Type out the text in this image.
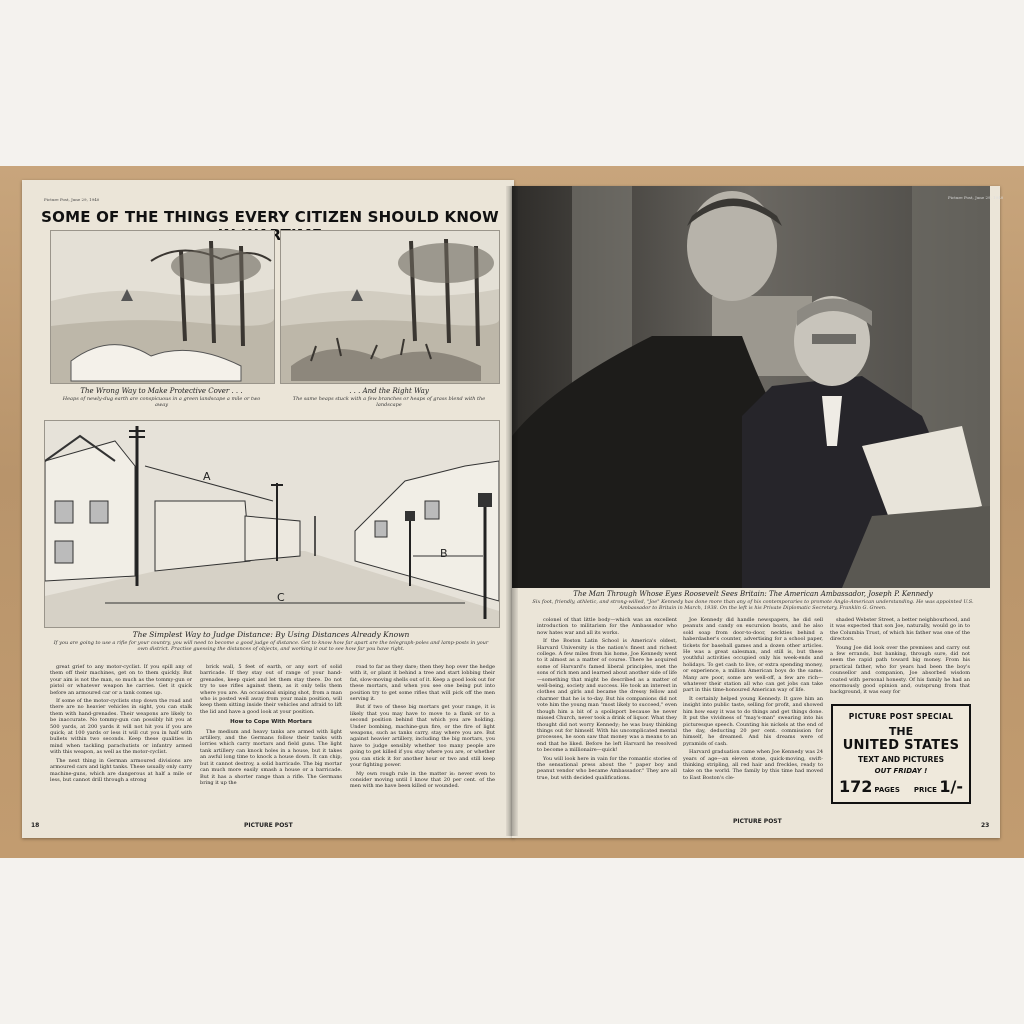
Picture Post, June 29, 1940
SOME OF THE THINGS EVERY CITIZEN SHOULD KNOW
The Wrong Way to Make Protective Cover . . .
Heaps of newly-dug earth are conspicuous in a green landscape a mile or two away
. . . And the Right Way
The same heaps stuck with a few branches or heaps of grass blend with the landscape
A
B
C
The Simplest Way to Judge Distance: By Using Distances Already Known
If you are going to use a rifle for your country, you will need to become a good judge of distance. Get to know how far apart are the telegraph-poles and lamp-posts in your own district. Practise guessing the distances of objects, and working it out to see how far you have right.

great grief to any motor-cyclist. If you spill any of them off their machines, get on to them quickly. But your aim is not the man, so much as the tommy-gun or pistol or whatever weapon he carries. Get it quick before an armoured car or a tank comes up.

If some of the motor-cyclists stop down the road and there are no heavier vehicles in sight, you can stalk them with hand-grenades. Their weapons are likely to be inaccurate. No tommy-gun can possibly hit you at 500 yards, at 200 yards it will not hit you if you are quick; at 100 yards or less it will cut you in half with bullets within two seconds. Keep these qualities in mind when tackling parachutists or infantry armed with this weapon, as well as the motor-cyclist.

The next thing in German armoured divisions are armoured cars and light tanks. These usually only carry machine-guns, which are dangerous at half a mile or less, but cannot drill through a strong

brick wall, 5 feet of earth, or any sort of solid barricade. If they stay out of range of your hand-grenades, keep quiet and let them stay there. Do not try to use rifles against them, as it only tells them where you are. An occasional sniping shot, from a man who is posted well away from your main position, will keep them sitting inside their vehicles and afraid to lift the lid and have a good look at your position.

How to Cope With Mortars

The medium and heavy tanks are armed with light artillery, and the Germans follow their tanks with lorries which carry mortars and field guns. The light tank artillery can knock holes in a house, but it takes an awful long time to knock a house down. It can chip, but it cannot destroy, a solid barricade. The big mortar can much more easily smash a house or a barricade. But it has a shorter range than a rifle. The Germans bring it up the

road to far as they dare; then they hop over the hedge with it, or plant it behind a tree and start lobbing their fat, slow-moving shells out of it. Keep a good look out for these mortars, and when you see one being put into position try to get some rifles that will pick off the men serving it.

But if two of these big mortars get your range, it is likely that you may have to move to a flank or to a second position behind that which you are holding. Under bombing, machine-gun fire, or the fire of light weapons, such as tanks carry, stay where you are. But against heavier artillery, including the big mortars, you have to judge sensibly whether too many people are going to get killed if you stay where you are, or whether you can stick it for another hour or two and still keep your fighting power.

My own rough rule in the matter is: never even to consider moving until I know that 20 per cent. of the men with me have been killed or wounded.

18	PICTURE POST
Picture Post, June 29, 1940
The Man Through Whose Eyes Roosevelt Sees Britain: The American Ambassador, Joseph P. Kennedy
Six foot, friendly, athletic, and strong-willed, "Joe" Kennedy has done more than any of his contemporaries to promote Anglo-American understanding. He was appointed U.S. Ambassador to Britain in March, 1938. On the left is his Private Diplomatic Secretary, Franklin G. Green.

colonel of that little body—which was an excellent introduction to militarism for the Ambassador who now hates war and all its works.

If the Boston Latin School is America's oldest, Harvard University is the nation's finest and richest college. A few miles from his home, Joe Kennedy went to it almost as a matter of course. There he acquired some of Harvard's famed liberal principles, met the sons of rich men and learned about another side of life—something that might be described as a matter of well-being, society and success. He took an interest in clothes and girls and became the dressy fellow and charmer that he is to-day. But his companions did not vote him the young man "most likely to succeed," even though him a bit of a spoilsport because he never missed Church, never took a drink of liquor. What they thought did not worry Kennedy; he was busy thinking things out for himself. With his uncomplicated mental processes, he soon saw that money was a means to an end that he liked. Before he left Harvard he resolved to become a millionaire—quick!

You will look here in vain for the romantic stories of the sensational press about the " paper boy and peanut vendor who became Ambassador." They are all true, but with decided qualifications.

Joe Kennedy did handle newspapers, he did sell peanuts and candy on excursion boats, and he also sold soap from door-to-door, neckties behind a haberdasher's counter, advertising for a school paper, tickets for baseball games and a dozen other articles. He was a great salesman, and still is, but these youthful activities occupied only his week-ends and holidays. To get cash to live, or extra spending money, or experience, a million American boys do the same. Many are poor, some are well-off, a few are rich—whatever their station all who can get jobs can take part in this time-honoured American way of life.

It certainly helped young Kennedy. It gave him an insight into public taste, selling for profit, and showed him how easy it was to do things and get things done. It put the vividness of "may's-man" swearing into his picturesque speech. Counting his nickels at the end of the day, deducting 20 per cent. commission for himself, he dreamed. And his dreams were of pyramids of cash.

Harvard graduation came when Joe Kennedy was 24 years of age—an eleven stone, quick-moving, swift-thinking stripling, all red hair and freckles, ready to take on the world. The family by this time had moved to East Boston's cle-

shaded Webster Street, a better neighbourhood, and it was expected that son Joe, naturally, would go in to the Columbia Trust, of which his father was one of the directors.

Young Joe did look over the premises and carry out a few errands, but banking, through sure, did not seem the rapid path toward big money. From his practical father, who for years had been the boy's counsellor and companion, Joe absorbed wisdom coated with personal honesty. Of his family he had an enormously good opinion and, outsprung from that background, it was easy for

PICTURE POST SPECIAL
THE
UNITED STATES
TEXT AND PICTURES
OUT FRIDAY !
172 PAGES PRICE 1/-
PICTURE POST
23
